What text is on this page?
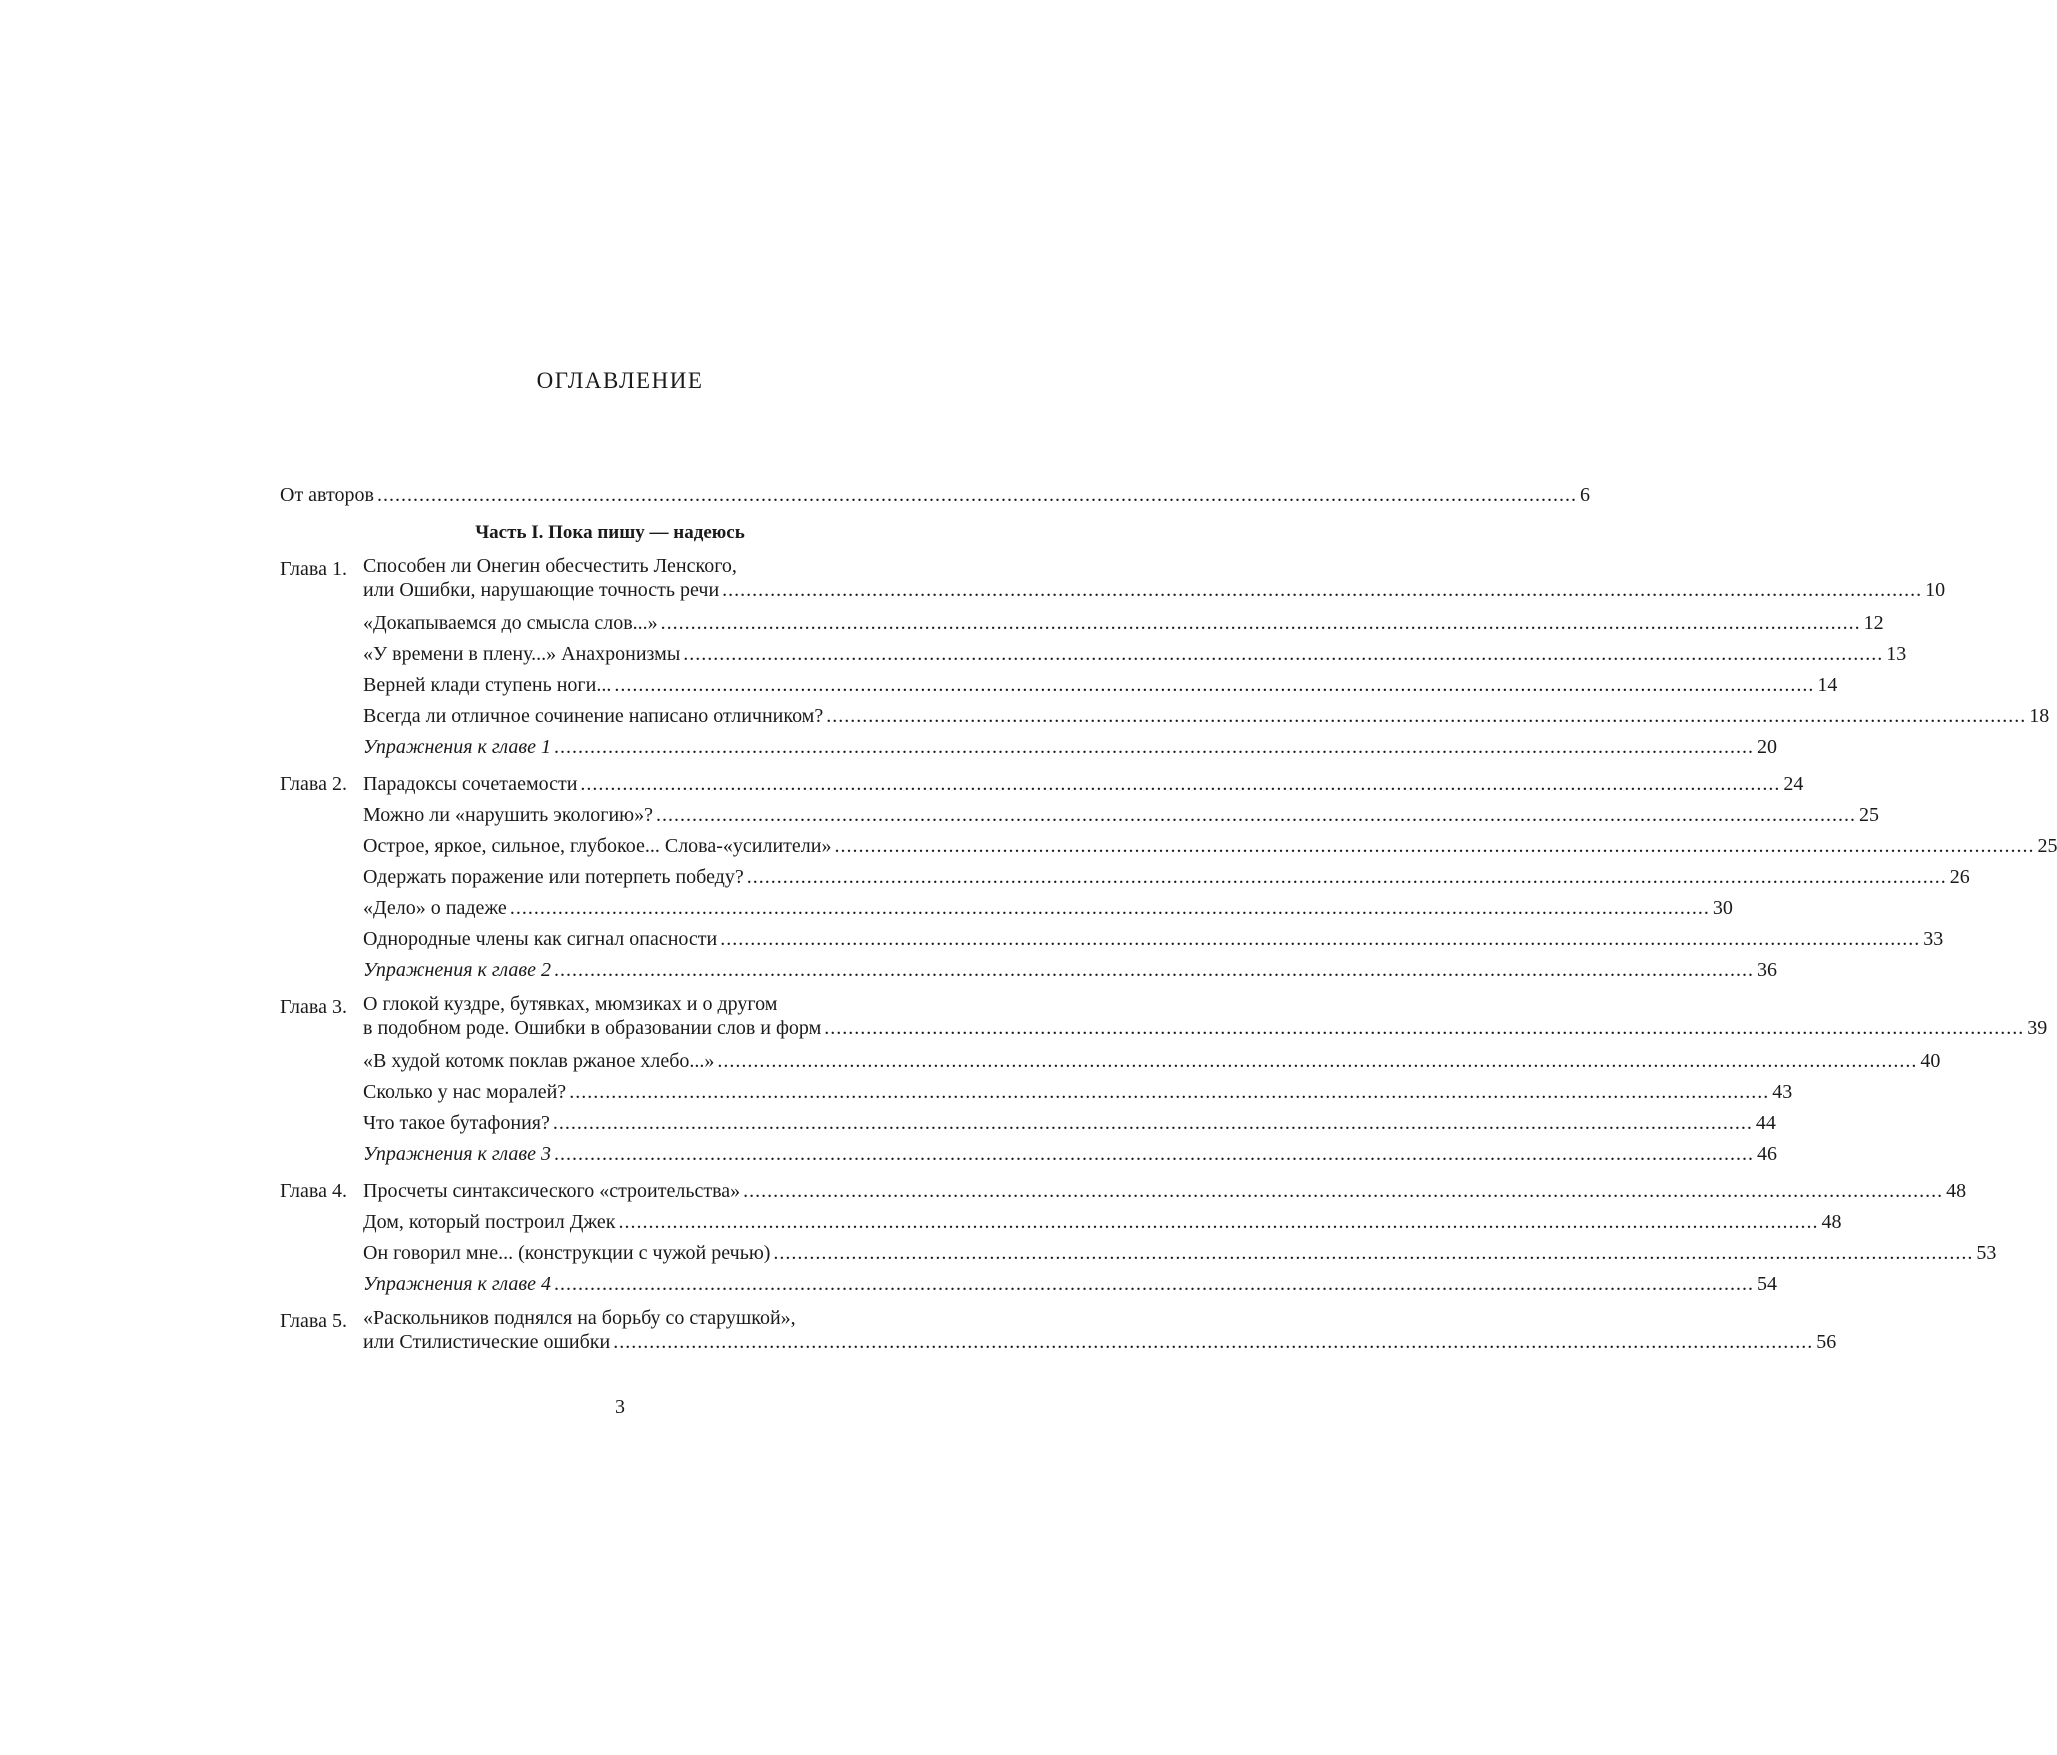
ОГЛАВЛЕНИЕ
От авторов ........................................................................................................................................................................................................ 6
Часть I. Пока пишу — надеюсь
Глава 1. Способен ли Онегин обесчестить Ленского,
или Ошибки, нарушающие точность речи ........................................................................................................................................................................................................ 10
«Докапываемся до смысла слов...» ........................................................................................................................................................................................................ 12
«У времени в плену...» Анахронизмы ........................................................................................................................................................................................................ 13
Верней клади ступень ноги... ........................................................................................................................................................................................................ 14
Всегда ли отличное сочинение написано отличником? ........................................................................................................................................................................................................ 18
Упражнения к главе 1 ........................................................................................................................................................................................................ 20
Глава 2. Парадоксы сочетаемости ........................................................................................................................................................................................................ 24
Можно ли «нарушить экологию»? ........................................................................................................................................................................................................ 25
Острое, яркое, сильное, глубокое... Слова-«усилители» ........................................................................................................................................................................................................ 25
Одержать поражение или потерпеть победу? ........................................................................................................................................................................................................ 26
«Дело» о падеже ........................................................................................................................................................................................................ 30
Однородные члены как сигнал опасности ........................................................................................................................................................................................................ 33
Упражнения к главе 2 ........................................................................................................................................................................................................ 36
Глава 3. О глокой куздре, бутявках, мюмзиках и о другом
в подобном роде. Ошибки в образовании слов и форм ........................................................................................................................................................................................................ 39
«В худой котомк поклав ржаное хлебо...» ........................................................................................................................................................................................................ 40
Сколько у нас моралей? ........................................................................................................................................................................................................ 43
Что такое бутафония? ........................................................................................................................................................................................................ 44
Упражнения к главе 3 ........................................................................................................................................................................................................ 46
Глава 4. Просчеты синтаксического «строительства» ........................................................................................................................................................................................................ 48
Дом, который построил Джек ........................................................................................................................................................................................................ 48
Он говорил мне... (конструкции с чужой речью) ........................................................................................................................................................................................................ 53
Упражнения к главе 4 ........................................................................................................................................................................................................ 54
Глава 5. «Раскольников поднялся на борьбу со старушкой»,
или Стилистические ошибки ........................................................................................................................................................................................................ 56
3
